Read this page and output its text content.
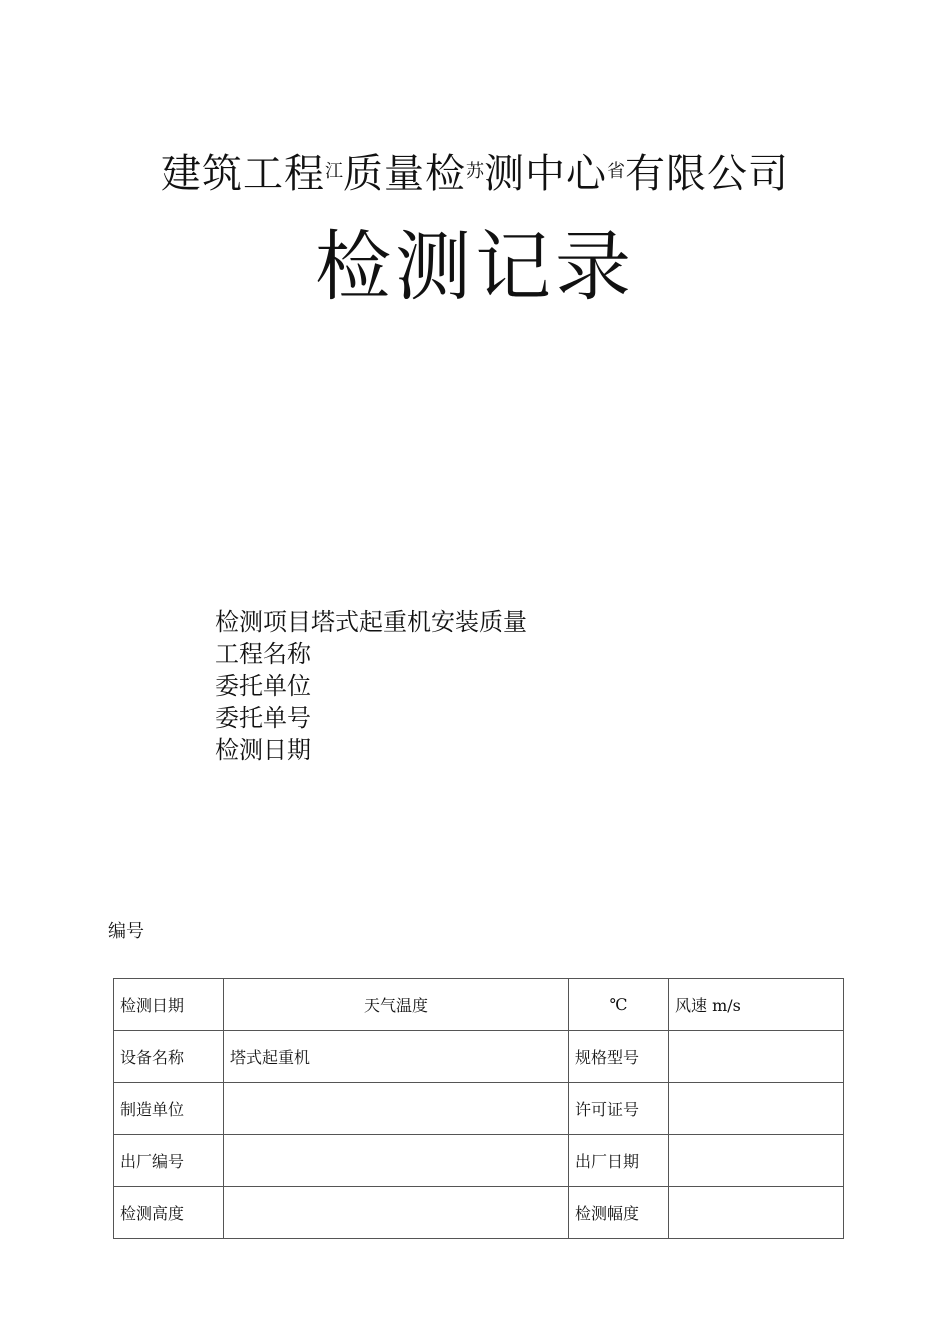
建筑工程$^江$质量检$^苏$测中心$^省$有限公司
检测记录
检测项目塔式起重机安装质量
工程名称
委托单位
委托单号
检测日期
编号
检测日期	天气温度	℃	风速 m/s
设备名称	塔式起重机	规格型号	
制造单位		许可证号	
出厂编号		出厂日期	
检测高度		检测幅度	
